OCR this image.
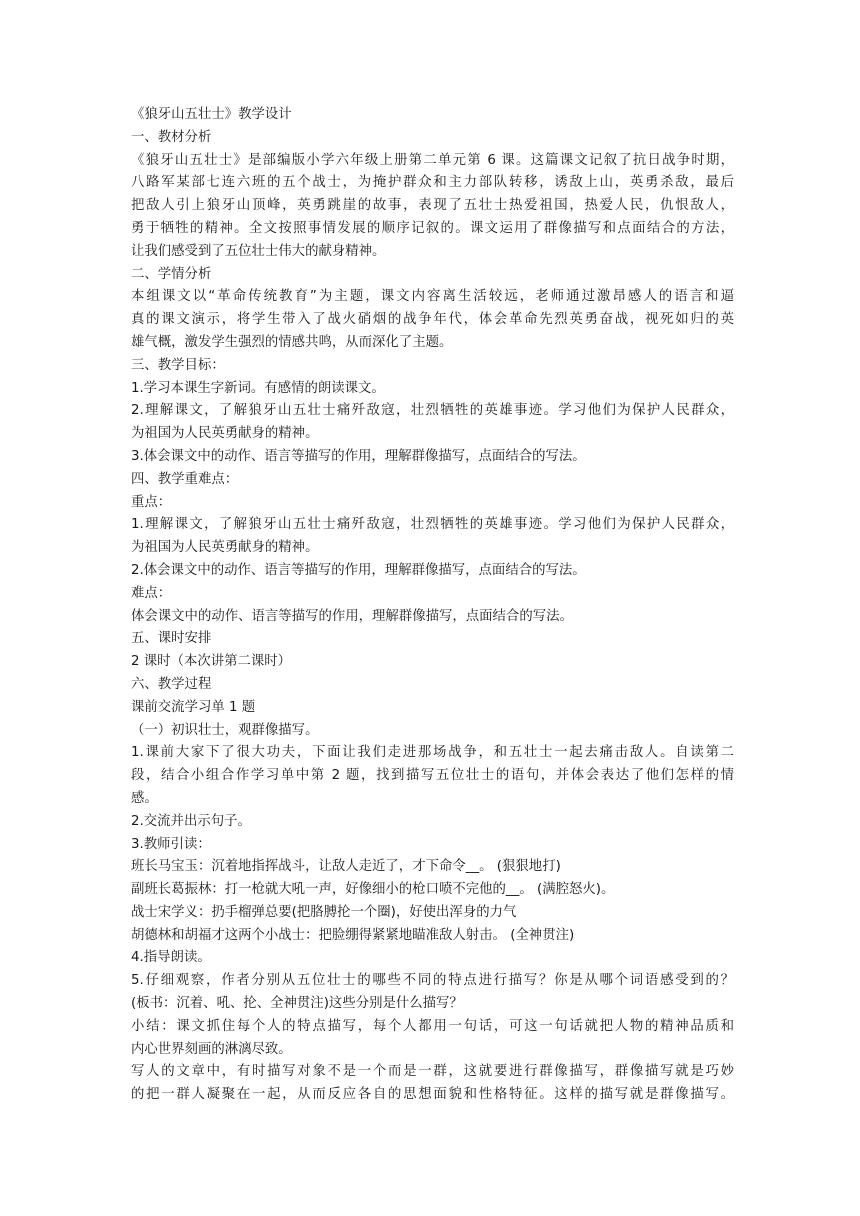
《狼牙山五壮士》教学设计
一、教材分析
《狼牙山五壮士》是部编版小学六年级上册第二单元第 6 课。这篇课文记叙了抗日战争时期，
八路军某部七连六班的五个战士，为掩护群众和主力部队转移，诱敌上山，英勇杀敌，最后
把敌人引上狼牙山顶峰，英勇跳崖的故事，表现了五壮士热爱祖国，热爱人民，仇恨敌人，
勇于牺牲的精神。全文按照事情发展的顺序记叙的。课文运用了群像描写和点面结合的方法，
让我们感受到了五位壮士伟大的献身精神。
二、学情分析
本组课文以“革命传统教育”为主题，课文内容离生活较远，老师通过激昂感人的语言和逼
真的课文演示，将学生带入了战火硝烟的战争年代，体会革命先烈英勇奋战，视死如归的英
雄气概，激发学生强烈的情感共鸣，从而深化了主题。
三、教学目标：
1.学习本课生字新词。有感情的朗读课文。
2.理解课文，了解狼牙山五壮士痛歼敌寇，壮烈牺牲的英雄事迹。学习他们为保护人民群众，
为祖国为人民英勇献身的精神。
3.体会课文中的动作、语言等描写的作用，理解群像描写，点面结合的写法。
四、教学重难点：
重点：
1.理解课文，了解狼牙山五壮士痛歼敌寇，壮烈牺牲的英雄事迹。学习他们为保护人民群众，
为祖国为人民英勇献身的精神。
2.体会课文中的动作、语言等描写的作用，理解群像描写，点面结合的写法。
难点：
体会课文中的动作、语言等描写的作用，理解群像描写，点面结合的写法。
五、课时安排
2 课时（本次讲第二课时）
六、教学过程
课前交流学习单 1 题
（一）初识壮士，观群像描写。
1.课前大家下了很大功夫，下面让我们走进那场战争，和五壮士一起去痛击敌人。自读第二
段，结合小组合作学习单中第 2 题，找到描写五位壮士的语句，并体会表达了他们怎样的情
感。
2.交流并出示句子。
3.教师引读：
班长马宝玉：沉着地指挥战斗，让敌人走近了，才下命令__。 (狠狠地打)
副班长葛振林：打一枪就大吼一声，好像细小的枪口喷不完他的__。 (满腔怒火)。
战士宋学义：扔手榴弹总要(把胳膊抡一个圈)，好使出浑身的力气
胡德林和胡福才这两个小战士：把脸绷得紧紧地瞄准敌人射击。 (全神贯注)
4.指导朗读。
5.仔细观察，作者分别从五位壮士的哪些不同的特点进行描写？你是从哪个词语感受到的？
(板书：沉着、吼、抡、全神贯注)这些分别是什么描写？
小结：课文抓住每个人的特点描写，每个人都用一句话，可这一句话就把人物的精神品质和
内心世界刻画的淋漓尽致。
写人的文章中，有时描写对象不是一个而是一群，这就要进行群像描写，群像描写就是巧妙
的把一群人凝聚在一起，从而反应各自的思想面貌和性格特征。这样的描写就是群像描写。
